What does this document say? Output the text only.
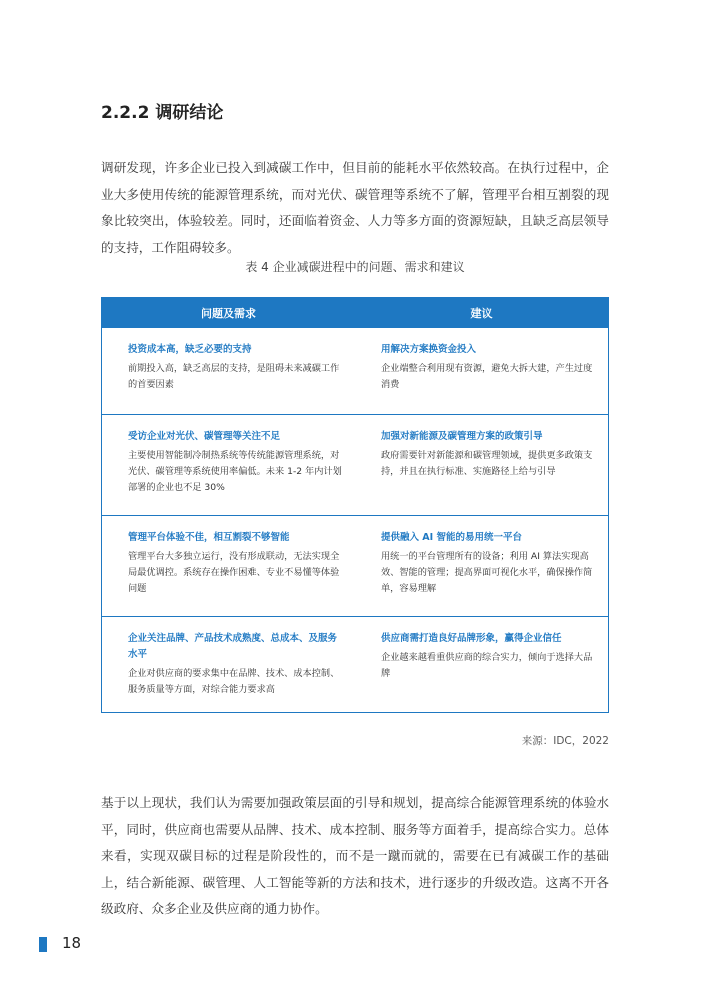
2.2.2 调研结论

调研发现，许多企业已投入到减碳工作中，但目前的能耗水平依然较高。在执行过程中，企业大多使用传统的能源管理系统，而对光伏、碳管理等系统不了解，管理平台相互割裂的现象比较突出，体验较差。同时，还面临着资金、人力等多方面的资源短缺，且缺乏高层领导的支持，工作阻碍较多。

表 4 企业减碳进程中的问题、需求和建议
问题及需求	建议
投资成本高，缺乏必要的支持
前期投入高，缺乏高层的支持，是阻碍未来减碳工作的首要因素
用解决方案换资金投入
企业端整合利用现有资源，避免大拆大建，产生过度消费
受访企业对光伏、碳管理等关注不足
主要使用智能制冷制热系统等传统能源管理系统，对光伏、碳管理等系统使用率偏低。未来 1-2 年内计划部署的企业也不足 30%
加强对新能源及碳管理方案的政策引导
政府需要针对新能源和碳管理领域，提供更多政策支持，并且在执行标准、实施路径上给与引导
管理平台体验不佳，相互割裂不够智能
管理平台大多独立运行，没有形成联动，无法实现全局最优调控。系统存在操作困难、专业不易懂等体验问题
提供融入 AI 智能的易用统一平台
用统一的平台管理所有的设备；利用 AI 算法实现高效、智能的管理；提高界面可视化水平，确保操作简单，容易理解
企业关注品牌、产品技术成熟度、总成本、及服务水平
企业对供应商的要求集中在品牌、技术、成本控制、服务质量等方面，对综合能力要求高
供应商需打造良好品牌形象，赢得企业信任
企业越来越看重供应商的综合实力，倾向于选择大品牌
来源：IDC，2022

基于以上现状，我们认为需要加强政策层面的引导和规划，提高综合能源管理系统的体验水平，同时，供应商也需要从品牌、技术、成本控制、服务等方面着手，提高综合实力。总体来看，实现双碳目标的过程是阶段性的，而不是一蹴而就的，需要在已有减碳工作的基础上，结合新能源、碳管理、人工智能等新的方法和技术，进行逐步的升级改造。这离不开各级政府、众多企业及供应商的通力协作。

18
